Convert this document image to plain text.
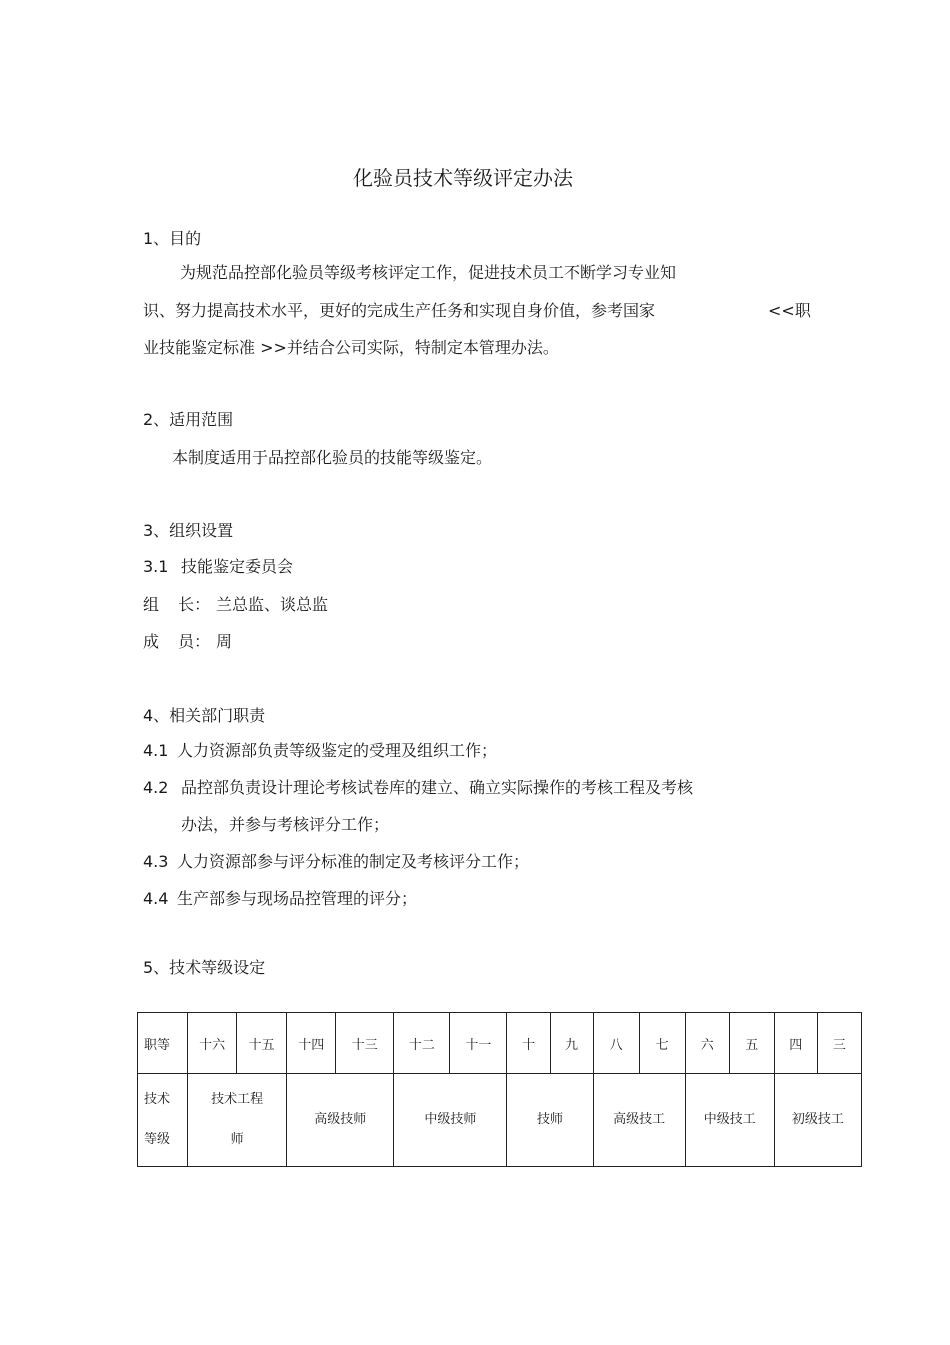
化验员技术等级评定办法
1、目的
为规范品控部化验员等级考核评定工作，促进技术员工不断学习专业知
识、努力提高技术水平，更好的完成生产任务和实现自身价值，参考国家	<<职
业技能鉴定标准 >>并结合公司实际，特制定本管理办法。
2、适用范围
本制度适用于品控部化验员的技能等级鉴定。
3、组织设置
3.1 技能鉴定委员会
组 长： 兰总监、谈总监
成 员： 周
4、相关部门职责
4.1 人力资源部负责等级鉴定的受理及组织工作；
4.2 品控部负责设计理论考核试卷库的建立、确立实际操作的考核工程及考核
办法，并参与考核评分工作；
4.3 人力资源部参与评分标准的制定及考核评分工作；
4.4 生产部参与现场品控管理的评分；
5、技术等级设定
职等	十六	十五	十四	十三	十二	十一	十	九	八	七	六	五	四	三
技术
等级	技术工程
师		高级技师		中级技师		技师		高级技工		中级技工		初级技工	
